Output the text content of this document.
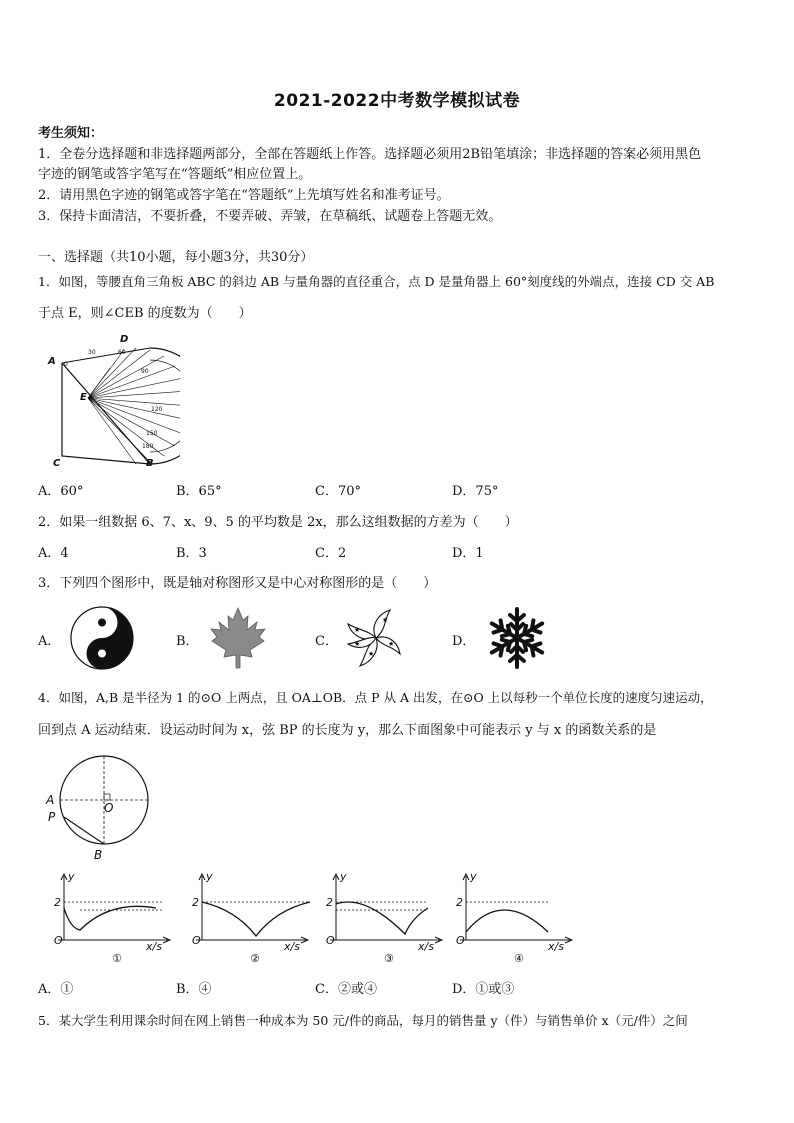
2021-2022中考数学模拟试卷
考生须知：
1．全卷分选择题和非选择题两部分，全部在答题纸上作答。选择题必须用2B铅笔填涂；非选择题的答案必须用黑色
字迹的钢笔或答字笔写在“答题纸”相应位置上。
2．请用黑色字迹的钢笔或答字笔在“答题纸”上先填写姓名和准考证号。
3．保持卡面清洁，不要折叠，不要弄破、弄皱，在草稿纸、试题卷上答题无效。
一、选择题（共10小题，每小题3分，共30分）
1．如图，等腰直角三角板 ABC 的斜边 AB 与量角器的直径重合，点 D 是量角器上 60°刻度线的外端点，连接 CD 交 AB
于点 E，则∠CEB 的度数为（　　）
0
30	60
90
120
150
180
A
D
E
C	B
A．60°	B．65°	C．70°	D．75°
2．如果一组数据 6、7、x、9、5 的平均数是 2x，那么这组数据的方差为（　　）
A．4	B．3	C．2	D．1
3．下列四个图形中，既是轴对称图形又是中心对称图形的是（　　）
A．	B．	C．	D．
★
★
★
★
★
4．如图，A,B 是半径为 1 的⊙O 上两点，且 OA⊥OB．点 P 从 A 出发，在⊙O 上以每秒一个单位长度的速度匀速运动，
回到点 A 运动结束．设运动时间为 x，弦 BP 的长度为 y，那么下面图象中可能表示 y 与 x 的函数关系的是
A
O
P
B
y
2
O	x/s
①
y
2
O	x/s
②
y
2
O	x/s
③
y
2
O	x/s
④
A．①	B．④	C．②或④	D．①或③
5．某大学生利用课余时间在网上销售一种成本为 50 元/件的商品，每月的销售量 y（件）与销售单价 x（元/件）之间
